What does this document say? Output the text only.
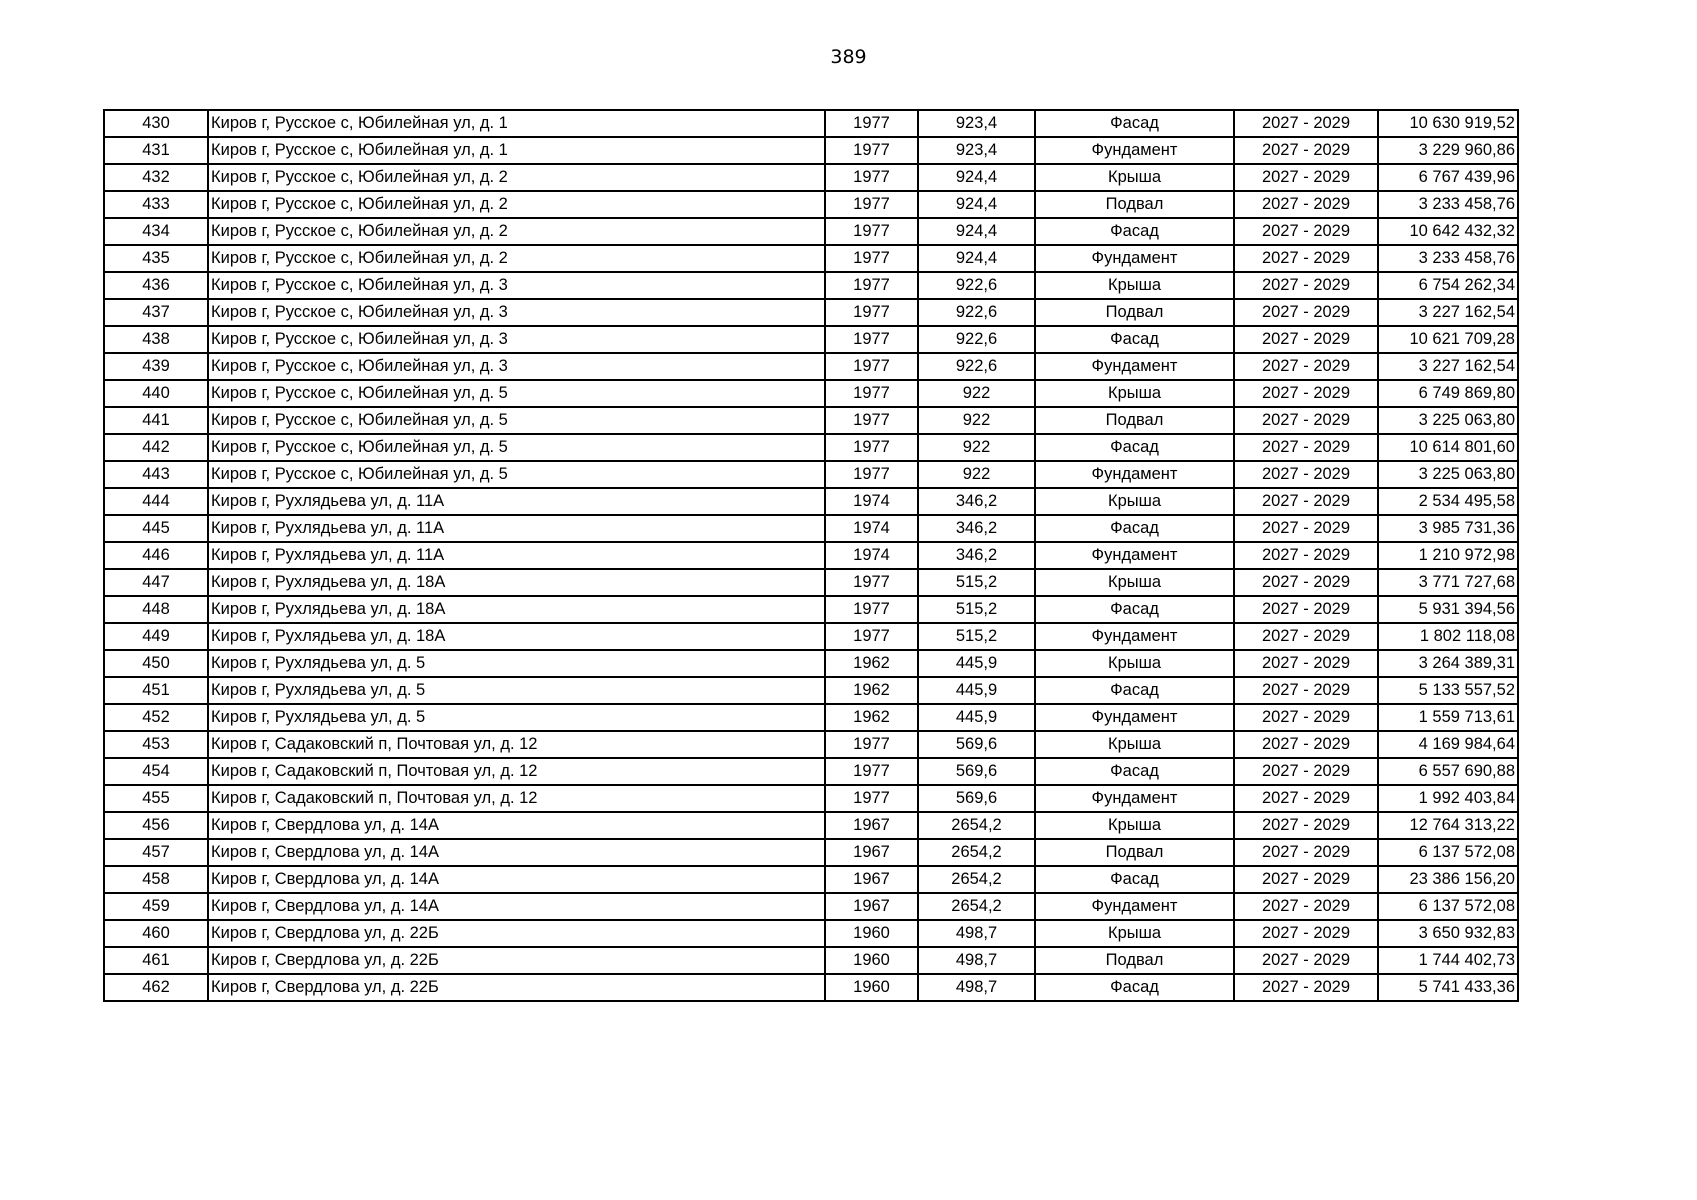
389
430	Киров г, Русское с, Юбилейная ул, д. 1	1977	923,4	Фасад	2027 - 2029	10 630 919,52
431	Киров г, Русское с, Юбилейная ул, д. 1	1977	923,4	Фундамент	2027 - 2029	3 229 960,86
432	Киров г, Русское с, Юбилейная ул, д. 2	1977	924,4	Крыша	2027 - 2029	6 767 439,96
433	Киров г, Русское с, Юбилейная ул, д. 2	1977	924,4	Подвал	2027 - 2029	3 233 458,76
434	Киров г, Русское с, Юбилейная ул, д. 2	1977	924,4	Фасад	2027 - 2029	10 642 432,32
435	Киров г, Русское с, Юбилейная ул, д. 2	1977	924,4	Фундамент	2027 - 2029	3 233 458,76
436	Киров г, Русское с, Юбилейная ул, д. 3	1977	922,6	Крыша	2027 - 2029	6 754 262,34
437	Киров г, Русское с, Юбилейная ул, д. 3	1977	922,6	Подвал	2027 - 2029	3 227 162,54
438	Киров г, Русское с, Юбилейная ул, д. 3	1977	922,6	Фасад	2027 - 2029	10 621 709,28
439	Киров г, Русское с, Юбилейная ул, д. 3	1977	922,6	Фундамент	2027 - 2029	3 227 162,54
440	Киров г, Русское с, Юбилейная ул, д. 5	1977	922	Крыша	2027 - 2029	6 749 869,80
441	Киров г, Русское с, Юбилейная ул, д. 5	1977	922	Подвал	2027 - 2029	3 225 063,80
442	Киров г, Русское с, Юбилейная ул, д. 5	1977	922	Фасад	2027 - 2029	10 614 801,60
443	Киров г, Русское с, Юбилейная ул, д. 5	1977	922	Фундамент	2027 - 2029	3 225 063,80
444	Киров г, Рухлядьева ул, д. 11А	1974	346,2	Крыша	2027 - 2029	2 534 495,58
445	Киров г, Рухлядьева ул, д. 11А	1974	346,2	Фасад	2027 - 2029	3 985 731,36
446	Киров г, Рухлядьева ул, д. 11А	1974	346,2	Фундамент	2027 - 2029	1 210 972,98
447	Киров г, Рухлядьева ул, д. 18А	1977	515,2	Крыша	2027 - 2029	3 771 727,68
448	Киров г, Рухлядьева ул, д. 18А	1977	515,2	Фасад	2027 - 2029	5 931 394,56
449	Киров г, Рухлядьева ул, д. 18А	1977	515,2	Фундамент	2027 - 2029	1 802 118,08
450	Киров г, Рухлядьева ул, д. 5	1962	445,9	Крыша	2027 - 2029	3 264 389,31
451	Киров г, Рухлядьева ул, д. 5	1962	445,9	Фасад	2027 - 2029	5 133 557,52
452	Киров г, Рухлядьева ул, д. 5	1962	445,9	Фундамент	2027 - 2029	1 559 713,61
453	Киров г, Садаковский п, Почтовая ул, д. 12	1977	569,6	Крыша	2027 - 2029	4 169 984,64
454	Киров г, Садаковский п, Почтовая ул, д. 12	1977	569,6	Фасад	2027 - 2029	6 557 690,88
455	Киров г, Садаковский п, Почтовая ул, д. 12	1977	569,6	Фундамент	2027 - 2029	1 992 403,84
456	Киров г, Свердлова ул, д. 14А	1967	2654,2	Крыша	2027 - 2029	12 764 313,22
457	Киров г, Свердлова ул, д. 14А	1967	2654,2	Подвал	2027 - 2029	6 137 572,08
458	Киров г, Свердлова ул, д. 14А	1967	2654,2	Фасад	2027 - 2029	23 386 156,20
459	Киров г, Свердлова ул, д. 14А	1967	2654,2	Фундамент	2027 - 2029	6 137 572,08
460	Киров г, Свердлова ул, д. 22Б	1960	498,7	Крыша	2027 - 2029	3 650 932,83
461	Киров г, Свердлова ул, д. 22Б	1960	498,7	Подвал	2027 - 2029	1 744 402,73
462	Киров г, Свердлова ул, д. 22Б	1960	498,7	Фасад	2027 - 2029	5 741 433,36
